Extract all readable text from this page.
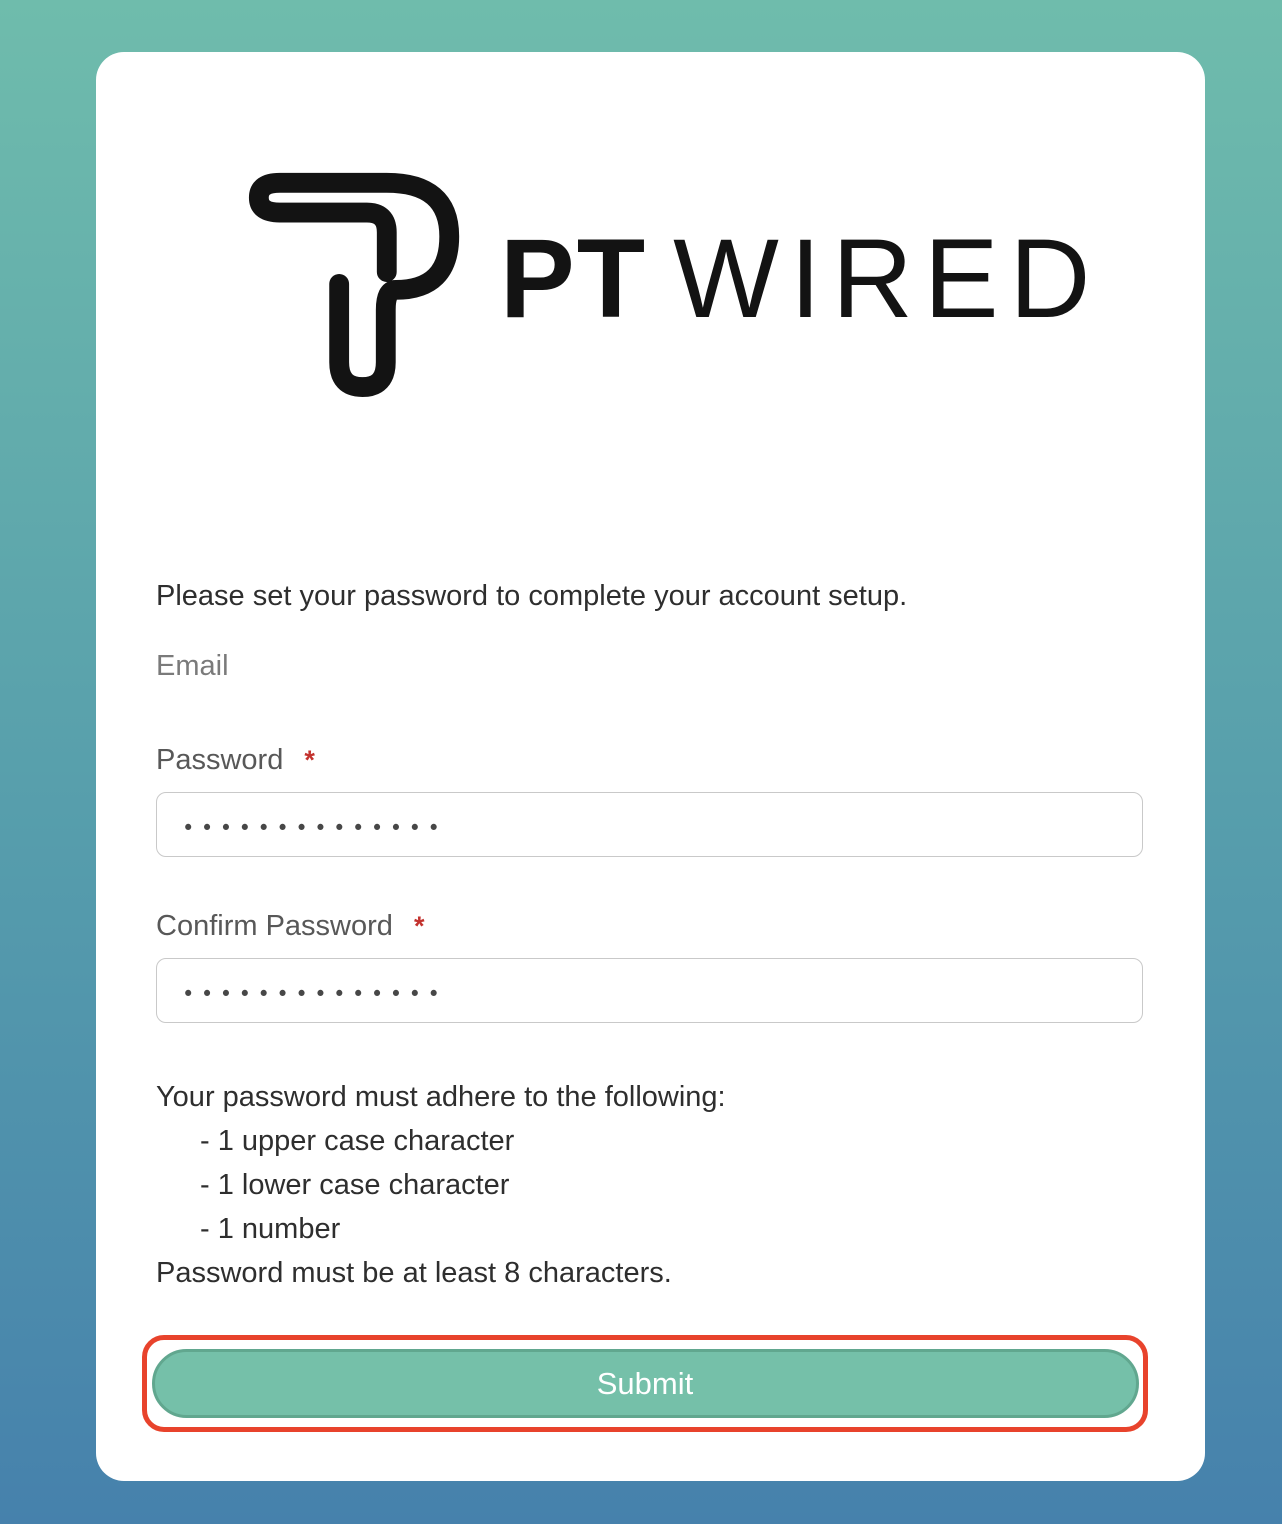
PT WIRED
Please set your password to complete your account setup.
Email
Password *
••••••••••••••
Confirm Password *
••••••••••••••
Your password must adhere to the following:
- 1 upper case character
- 1 lower case character
- 1 number
Password must be at least 8 characters.
Submit
